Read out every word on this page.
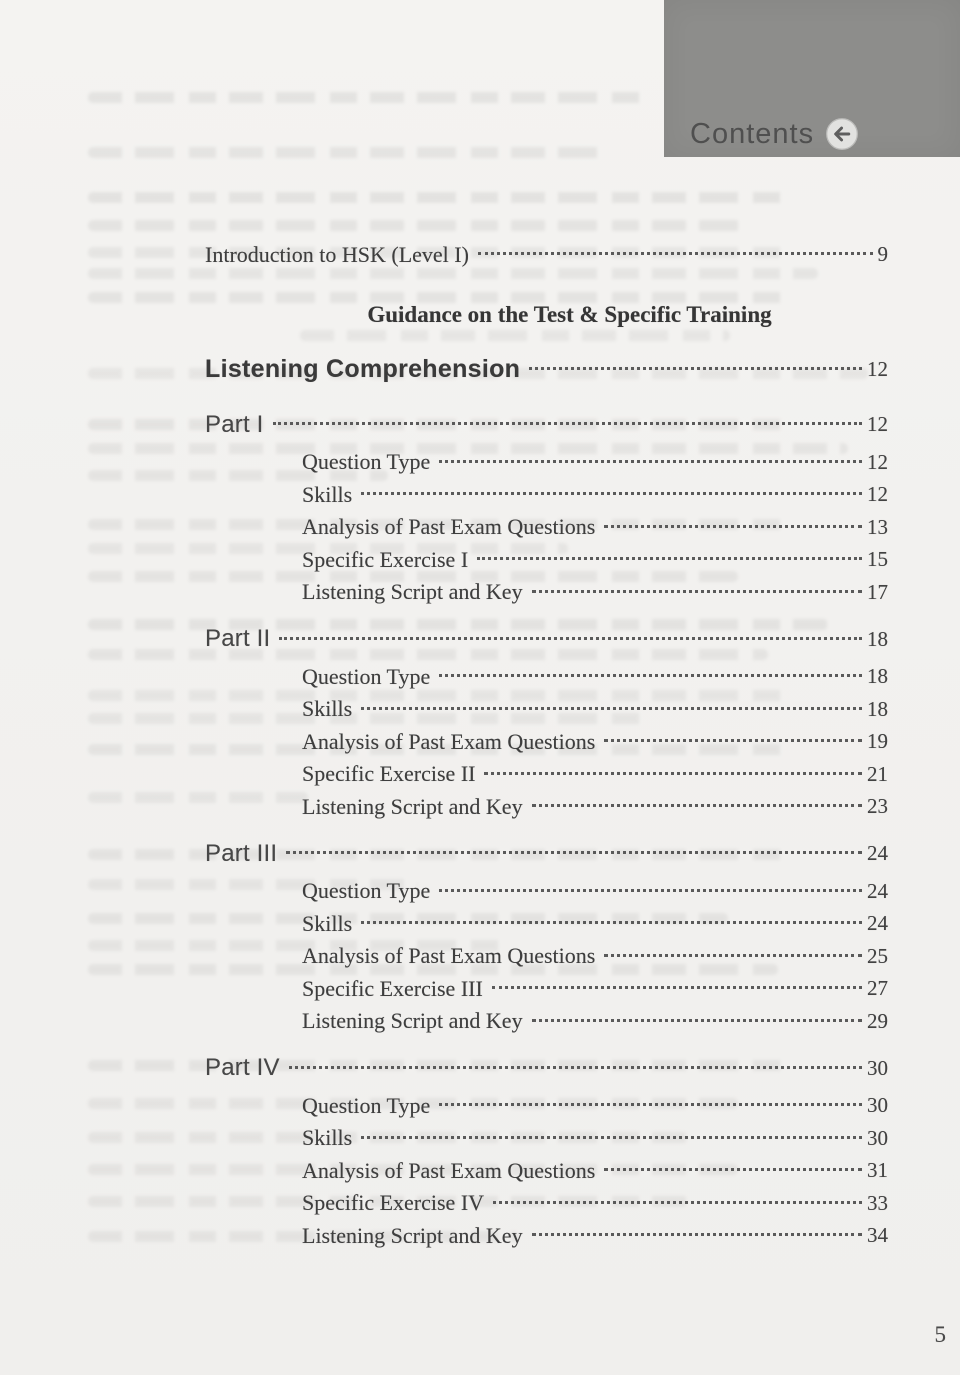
Contents
Introduction to HSK (Level I)	9
Guidance on the Test & Specific Training
Listening Comprehension	12
Part I	12
Question Type	12
Skills	12
Analysis of Past Exam Questions	13
Specific Exercise I	15
Listening Script and Key	17
Part II	18
Question Type	18
Skills	18
Analysis of Past Exam Questions	19
Specific Exercise II	21
Listening Script and Key	23
Part III	24
Question Type	24
Skills	24
Analysis of Past Exam Questions	25
Specific Exercise III	27
Listening Script and Key	29
Part IV	30
Question Type	30
Skills	30
Analysis of Past Exam Questions	31
Specific Exercise IV	33
Listening Script and Key	34
5
